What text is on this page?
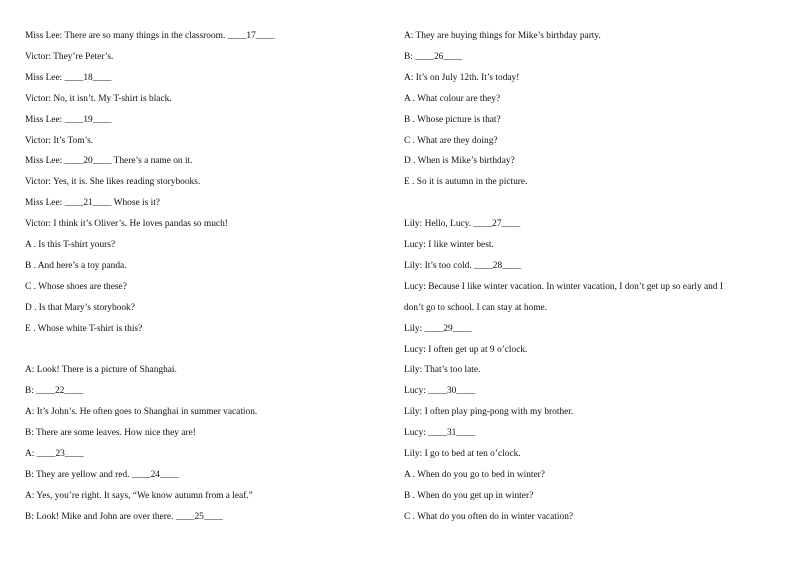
Miss Lee: There are so many things in the classroom. ____17____
Victor: They’re Peter’s.
Miss Lee: ____18____
Victor: No, it isn’t. My T-shirt is black.
Miss Lee: ____19____
Victor: It’s Tom’s.
Miss Lee: ____20____ There’s a name on it.
Victor: Yes, it is. She likes reading storybooks.
Miss Lee: ____21____ Whose is it?
Victor: I think it’s Oliver’s. He loves pandas so much!
A . Is this T-shirt yours?
B . And here’s a toy panda.
C . Whose shoes are these?
D . Is that Mary’s storybook?
E . Whose white T-shirt is this?
A: Look! There is a picture of Shanghai.
B: ____22____
A: It’s John’s. He often goes to Shanghai in summer vacation.
B: There are some leaves. How nice they are!
A: ____23____
B: They are yellow and red. ____24____
A: Yes, you’re right. It says, “We know autumn from a leaf.”
B: Look! Mike and John are over there. ____25____
A: They are buying things for Mike’s birthday party.
B: ____26____
A: It’s on July 12th. It’s today!
A . What colour are they?
B . Whose picture is that?
C . What are they doing?
D . When is Mike’s birthday?
E . So it is autumn in the picture.
Lily: Hello, Lucy. ____27____
Lucy: I like winter best.
Lily: It’s too cold. ____28____
Lucy: Because I like winter vacation. In winter vacation, I don’t get up so early and I
don’t go to school. I can stay at home.
Lily: ____29____
Lucy: I often get up at 9 o’clock.
Lily: That’s too late.
Lucy: ____30____
Lily: I often play ping-pong with my brother.
Lucy: ____31____
Lily: I go to bed at ten o’clock.
A . When do you go to bed in winter?
B . When do you get up in winter?
C . What do you often do in winter vacation?
